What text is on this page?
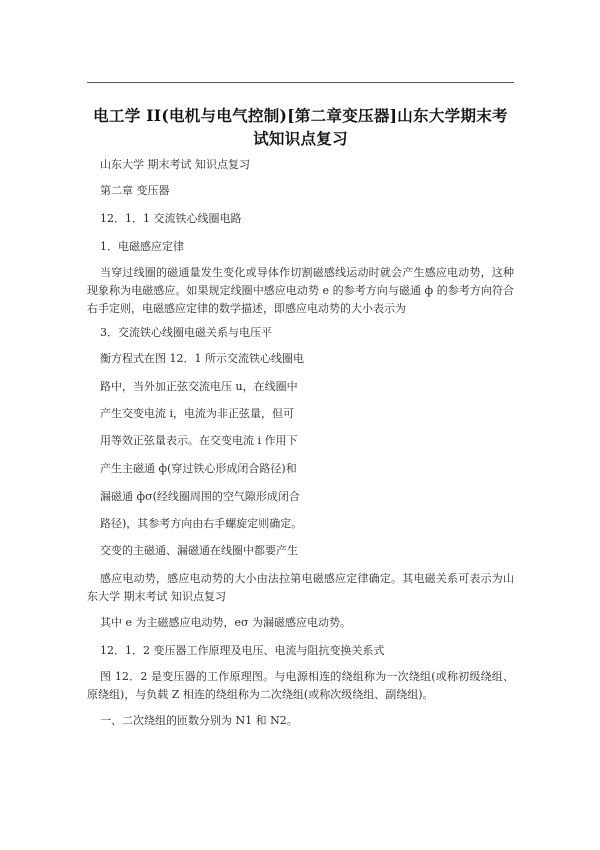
电工学 II(电机与电气控制)[第二章变压器]山东大学期末考试知识点复习
山东大学 期末考试 知识点复习
第二章 变压器
12．1．1 交流铁心线圈电路
1．电磁感应定律
当穿过线圈的磁通量发生变化或导体作切割磁感线运动时就会产生感应电动势，这种现象称为电磁感应。如果规定线圈中感应电动势 e 的参考方向与磁通 ф 的参考方向符合右手定则，电磁感应定律的数学描述，即感应电动势的大小表示为
3．交流铁心线圈电磁关系与电压平
衡方程式在图 12．1 所示交流铁心线圈电
路中，当外加正弦交流电压 u，在线圈中
产生交变电流 i，电流为非正弦量，但可
用等效正弦量表示。在交变电流 i 作用下
产生主磁通 ф(穿过铁心形成闭合路径)和
漏磁通 фσ(经线圈周围的空气隙形成闭合
路径)，其参考方向由右手螺旋定则确定。
交变的主磁通、漏磁通在线圈中都要产生
感应电动势，感应电动势的大小由法拉第电磁感应定律确定。其电磁关系可表示为山东大学 期末考试 知识点复习
其中 e 为主磁感应电动势，eσ 为漏磁感应电动势。
12．1．2 变压器工作原理及电压、电流与阻抗变换关系式
图 12．2 是变压器的工作原理图。与电源相连的绕组称为一次绕组(或称初级绕组、原绕组)，与负载 Z 相连的绕组称为二次绕组(或称次级绕组、副绕组)。
一、二次绕组的匝数分别为 N1 和 N2。
